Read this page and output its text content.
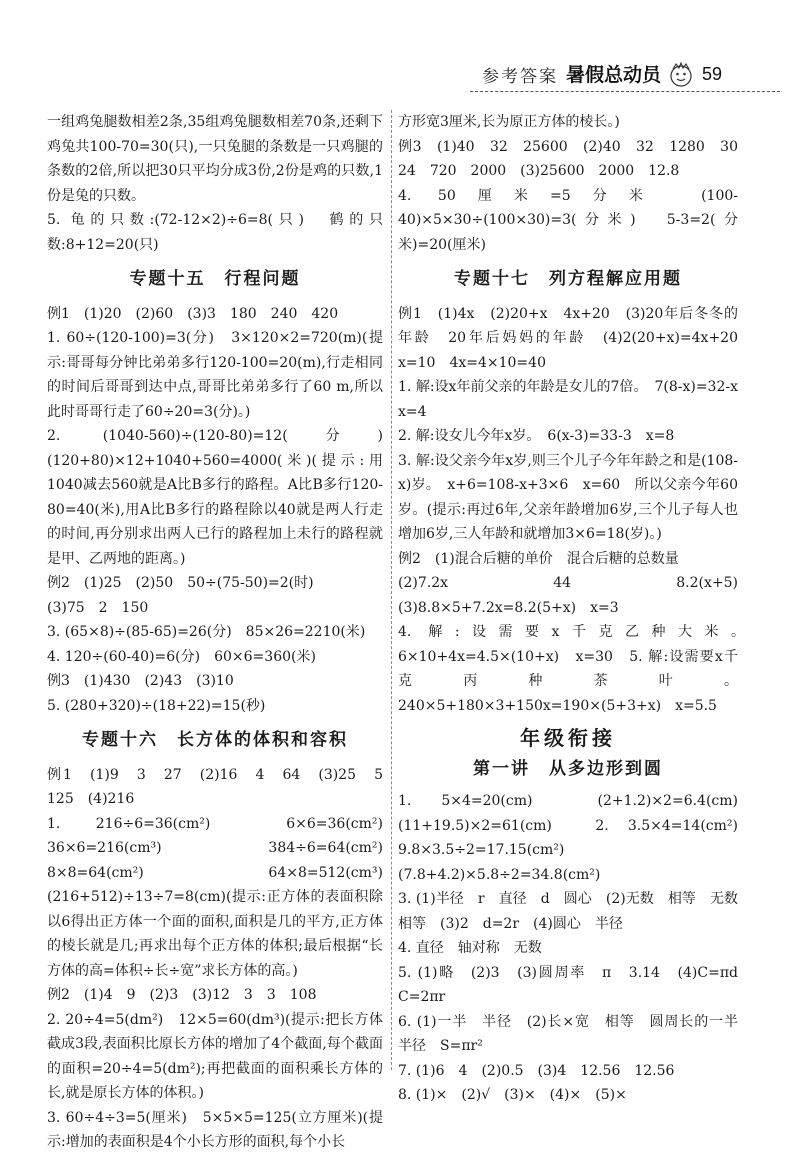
参考答案 暑假总动员 59
一组鸡兔腿数相差2条,35组鸡兔腿数相差70条,还剩下鸡兔共100-70=30(只),一只兔腿的条数是一只鸡腿的条数的2倍,所以把30只平均分成3份,2份是鸡的只数,1份是兔的只数。
5. 龟的只数:(72-12×2)÷6=8(只)　鹤的只数:8+12=20(只)
专题十五　行程问题
例1　(1)20　(2)60　(3)3　180　240　420
1. 60÷(120-100)=3(分)　3×120×2=720(m)(提示:哥哥每分钟比弟弟多行120-100=20(m),行走相同的时间后哥哥到达中点,哥哥比弟弟多行了60 m,所以此时哥哥行走了60÷20=3(分)。)
2. (1040-560)÷(120-80)=12(分)　(120+80)×12+1040+560=4000(米)(提示:用1040减去560就是A比B多行的路程。A比B多行120-80=40(米),用A比B多行的路程除以40就是两人行走的时间,再分别求出两人已行的路程加上未行的路程就是甲、乙两地的距离。)
例2　(1)25　(2)50　50÷(75-50)=2(时)
(3)75　2　150
3. (65×8)÷(85-65)=26(分)　85×26=2210(米)
4. 120÷(60-40)=6(分)　60×6=360(米)
例3　(1)430　(2)43　(3)10
5. (280+320)÷(18+22)=15(秒)
专题十六　长方体的体积和容积
例1　(1)9　3　27　(2)16　4　64　(3)25　5　125　(4)216
1. 216÷6=36(cm²)　6×6=36(cm²)　36×6=216(cm³)　384÷6=64(cm²)　8×8=64(cm²)　64×8=512(cm³)　(216+512)÷13÷7=8(cm)(提示:正方体的表面积除以6得出正方体一个面的面积,面积是几的平方,正方体的棱长就是几;再求出每个正方体的体积;最后根据“长方体的高=体积÷长÷宽”求长方体的高。)
例2　(1)4　9　(2)3　(3)12　3　3　108
2. 20÷4=5(dm²)　12×5=60(dm³)(提示:把长方体截成3段,表面积比原长方体的增加了4个截面,每个截面的面积=20÷4=5(dm²);再把截面的面积乘长方体的长,就是原长方体的体积。)
3. 60÷4÷3=5(厘米)　5×5×5=125(立方厘米)(提示:增加的表面积是4个小长方形的面积,每个小长
方形宽3厘米,长为原正方体的棱长。)
例3　(1)40　32　25600　(2)40　32　1280　30　24　720　2000　(3)25600　2000　12.8
4. 50厘米=5分米　(100-40)×5×30÷(100×30)=3(分米)　5-3=2(分米)=20(厘米)
专题十七　列方程解应用题
例1　(1)4x　(2)20+x　4x+20　(3)20年后冬冬的年龄　20年后妈妈的年龄　(4)2(20+x)=4x+20　x=10　4x=4×10=40
1. 解:设x年前父亲的年龄是女儿的7倍。　7(8-x)=32-x　x=4
2. 解:设女儿今年x岁。　6(x-3)=33-3　x=8
3. 解:设父亲今年x岁,则三个儿子今年年龄之和是(108-x)岁。　x+6=108-x+3×6　x=60　所以父亲今年60岁。(提示:再过6年,父亲年龄增加6岁,三个儿子每人也增加6岁,三人年龄和就增加3×6=18(岁)。)
例2　(1)混合后糖的单价　混合后糖的总数量
(2)7.2x　44　8.2(x+5)　(3)8.8×5+7.2x=8.2(5+x)　x=3
4. 解:设需要x千克乙种大米。　6×10+4x=4.5×(10+x)　x=30　5. 解:设需要x千克丙种茶叶。240×5+180×3+150x=190×(5+3+x)　x=5.5
年级衔接
第一讲　从多边形到圆
1. 5×4=20(cm)　(2+1.2)×2=6.4(cm)　(11+19.5)×2=61(cm)　2. 3.5×4=14(cm²)　9.8×3.5÷2=17.15(cm²)　(7.8+4.2)×5.8÷2=34.8(cm²)
3. (1)半径　r　直径　d　圆心　(2)无数　相等　无数　相等　(3)2　d=2r　(4)圆心　半径
4. 直径　轴对称　无数
5. (1)略　(2)3　(3)圆周率　π　3.14　(4)C=πd　C=2πr
6. (1)一半　半径　(2)长×宽　相等　圆周长的一半　半径　S=πr²
7. (1)6　4　(2)0.5　(3)4　12.56　12.56
8. (1)×　(2)√　(3)×　(4)×　(5)×
